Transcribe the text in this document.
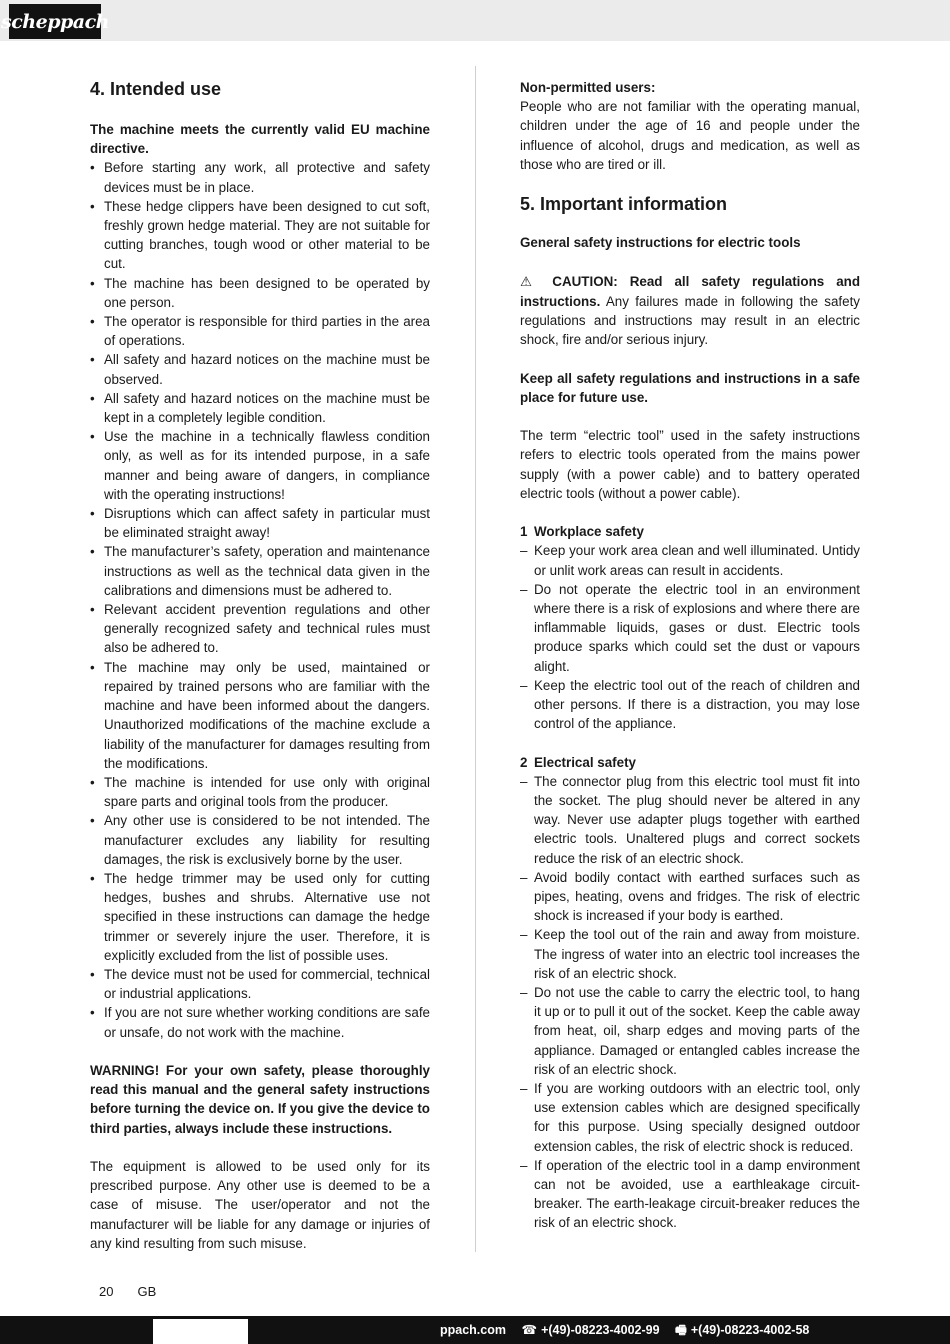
scheppach
4. Intended use

The machine meets the currently valid EU machine directive.

• Before starting any work, all protective and safety devices must be in place.
• These hedge clippers have been designed to cut soft, freshly grown hedge material. They are not suitable for cutting branches, tough wood or other material to be cut.
• The machine has been designed to be operated by one person.
• The operator is responsible for third parties in the area of operations.
• All safety and hazard notices on the machine must be observed.
• All safety and hazard notices on the machine must be kept in a completely legible condition.
• Use the machine in a technically flawless condition only, as well as for its intended purpose, in a safe manner and being aware of dangers, in compliance with the operating instructions!
• Disruptions which can affect safety in particular must be eliminated straight away!
• The manufacturer’s safety, operation and maintenance instructions as well as the technical data given in the calibrations and dimensions must be adhered to.
• Relevant accident prevention regulations and other generally recognized safety and technical rules must also be adhered to.
• The machine may only be used, maintained or repaired by trained persons who are familiar with the machine and have been informed about the dangers. Unauthorized modifications of the machine exclude a liability of the manufacturer for damages resulting from the modifications.
• The machine is intended for use only with original spare parts and original tools from the producer.
• Any other use is considered to be not intended. The manufacturer excludes any liability for resulting damages, the risk is exclusively borne by the user.
• The hedge trimmer may be used only for cutting hedges, bushes and shrubs. Alternative use not specified in these instructions can damage the hedge trimmer or severely injure the user. Therefore, it is explicitly excluded from the list of possible uses.
• The device must not be used for commercial, technical or industrial applications.
• If you are not sure whether working conditions are safe or unsafe, do not work with the machine.

WARNING! For your own safety, please thoroughly read this manual and the general safety instructions before turning the device on. If you give the device to third parties, always include these instructions.

The equipment is allowed to be used only for its prescribed purpose. Any other use is deemed to be a case of misuse. The user/operator and not the manufacturer will be liable for any damage or injuries of any kind resulting from such misuse.

Non-permitted users:

People who are not familiar with the operating manual, children under the age of 16 and people under the influence of alcohol, drugs and medication, as well as those who are tired or ill.

5. Important information

General safety instructions for electric tools

⚠ CAUTION: Read all safety regulations and instructions. Any failures made in following the safety regulations and instructions may result in an electric shock, fire and/or serious injury.

Keep all safety regulations and instructions in a safe place for future use.

The term “electric tool” used in the safety instructions refers to electric tools operated from the mains power supply (with a power cable) and to battery operated electric tools (without a power cable).

1 Workplace safety
– Keep your work area clean and well illuminated. Untidy or unlit work areas can result in accidents.
– Do not operate the electric tool in an environment where there is a risk of explosions and where there are inflammable liquids, gases or dust. Electric tools produce sparks which could set the dust or vapours alight.
– Keep the electric tool out of the reach of children and other persons. If there is a distraction, you may lose control of the appliance.
2 Electrical safety
– The connector plug from this electric tool must fit into the socket. The plug should never be altered in any way. Never use adapter plugs together with earthed electric tools. Unaltered plugs and correct sockets reduce the risk of an electric shock.
– Avoid bodily contact with earthed surfaces such as pipes, heating, ovens and fridges. The risk of electric shock is increased if your body is earthed.
– Keep the tool out of the rain and away from moisture. The ingress of water into an electric tool increases the risk of an electric shock.
– Do not use the cable to carry the electric tool, to hang it up or to pull it out of the socket. Keep the cable away from heat, oil, sharp edges and moving parts of the appliance. Damaged or entangled cables increase the risk of an electric shock.
– If you are working outdoors with an electric tool, only use extension cables which are designed specifically for this purpose. Using specially designed outdoor extension cables, the risk of electric shock is reduced.
– If operation of the electric tool in a damp environment can not be avoided, use a earthleakage circuit-breaker. The earth-leakage circuit-breaker reduces the risk of an electric shock.
20 GB
ppach.com ☎ +(49)-08223-4002-99 🖷 +(49)-08223-4002-58
